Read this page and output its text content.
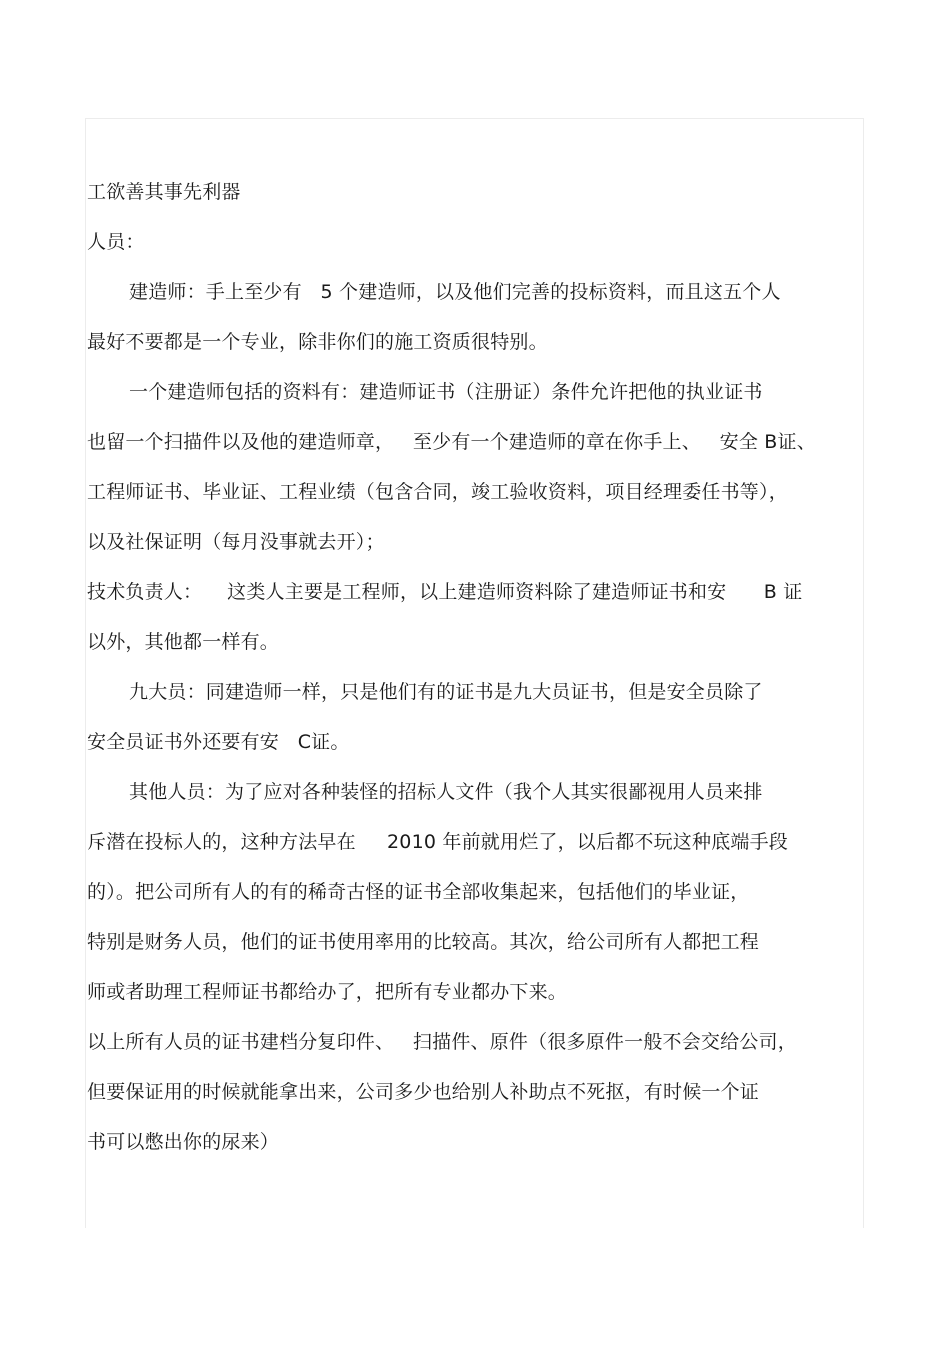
工欲善其事先利器
人员：
建造师：手上至少有   5 个建造师，以及他们完善的投标资料，而且这五个人
最好不要都是一个专业，除非你们的施工资质很特别。
一个建造师包括的资料有：建造师证书（注册证）条件允许把他的执业证书
也留一个扫描件以及他的建造师章，   至少有一个建造师的章在你手上、   安全 B证、
工程师证书、毕业证、工程业绩（包含合同，竣工验收资料，项目经理委任书等），
以及社保证明（每月没事就去开）；
技术负责人：    这类人主要是工程师，以上建造师资料除了建造师证书和安      B 证
以外，其他都一样有。
九大员：同建造师一样，只是他们有的证书是九大员证书，但是安全员除了
安全员证书外还要有安   C证。
其他人员：为了应对各种装怪的招标人文件（我个人其实很鄙视用人员来排
斥潜在投标人的，这种方法早在     2010 年前就用烂了，以后都不玩这种底端手段
的）。把公司所有人的有的稀奇古怪的证书全部收集起来，包括他们的毕业证，
特别是财务人员，他们的证书使用率用的比较高。其次，给公司所有人都把工程
师或者助理工程师证书都给办了，把所有专业都办下来。
以上所有人员的证书建档分复印件、   扫描件、原件（很多原件一般不会交给公司，
但要保证用的时候就能拿出来，公司多少也给别人补助点不死抠，有时候一个证
书可以憋出你的尿来）
